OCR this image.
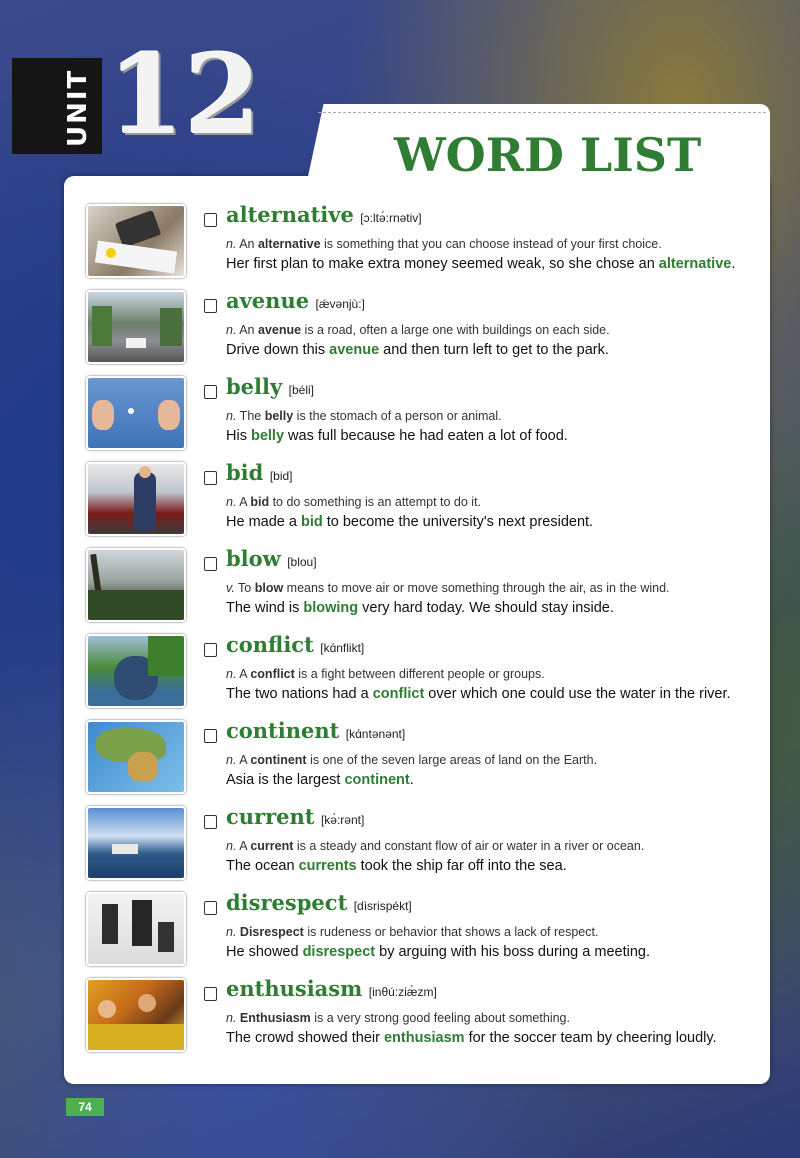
UNIT 12	WORD LIST
alternative [ɔ:ltə́:rnətiv]
n. An alternative is something that you can choose instead of your first choice.
Her first plan to make extra money seemed weak, so she chose an alternative.
avenue [ǽvənjù:]
n. An avenue is a road, often a large one with buildings on each side.
Drive down this avenue and then turn left to get to the park.
belly [béli]
n. The belly is the stomach of a person or animal.
His belly was full because he had eaten a lot of food.
bid [bid]
n. A bid to do something is an attempt to do it.
He made a bid to become the university's next president.
blow [blou]
v. To blow means to move air or move something through the air, as in the wind.
The wind is blowing very hard today. We should stay inside.
conflict [kɑ́nflikt]
n. A conflict is a fight between different people or groups.
The two nations had a conflict over which one could use the water in the river.
continent [kɑ́ntənənt]
n. A continent is one of the seven large areas of land on the Earth.
Asia is the largest continent.
current [kə́:rənt]
n. A current is a steady and constant flow of air or water in a river or ocean.
The ocean currents took the ship far off into the sea.
disrespect [dìsrispékt]
n. Disrespect is rudeness or behavior that shows a lack of respect.
He showed disrespect by arguing with his boss during a meeting.
enthusiasm [inθú:ziæ̀zm]
n. Enthusiasm is a very strong good feeling about something.
The crowd showed their enthusiasm for the soccer team by cheering loudly.
74
